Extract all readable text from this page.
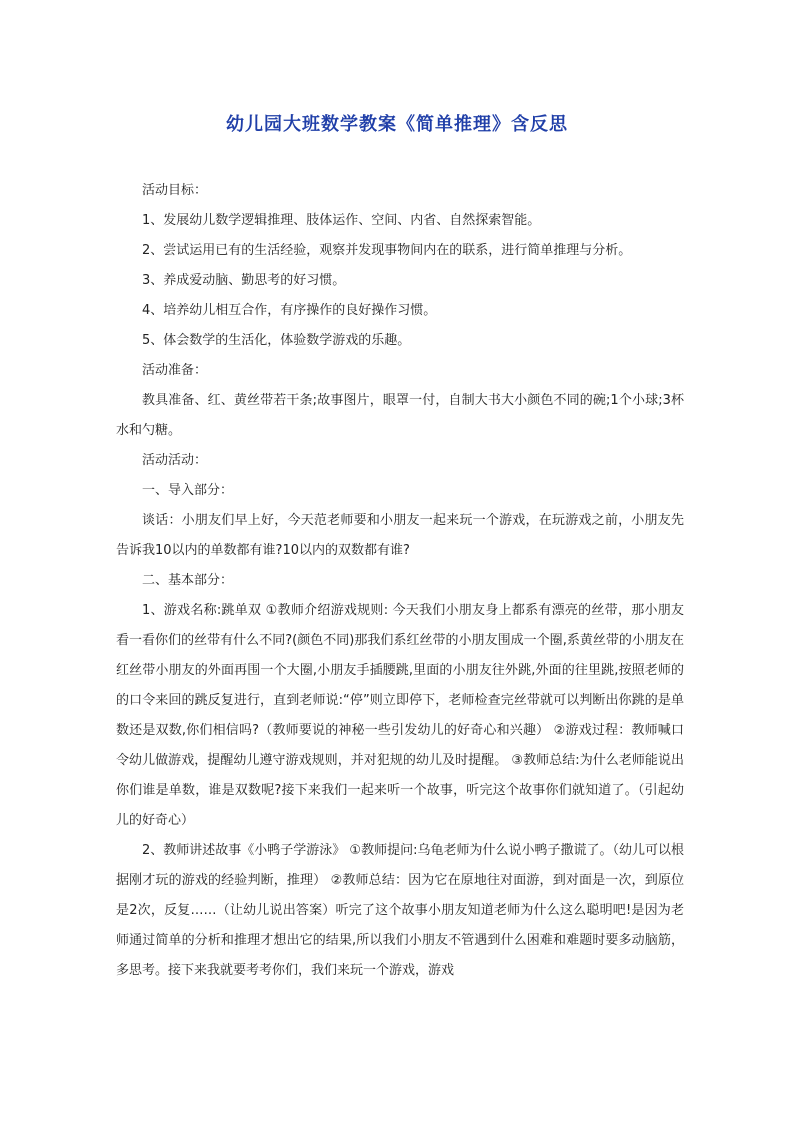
幼儿园大班数学教案《简单推理》含反思

活动目标：

1、发展幼儿数学逻辑推理、肢体运作、空间、内省、自然探索智能。

2、尝试运用已有的生活经验，观察并发现事物间内在的联系，进行简单推理与分析。

3、养成爱动脑、勤思考的好习惯。

4、培养幼儿相互合作，有序操作的良好操作习惯。

5、体会数学的生活化，体验数学游戏的乐趣。

活动准备：

教具准备、红、黄丝带若干条;故事图片，眼罩一付，自制大书大小颜色不同的碗;1个小球;3杯水和勺糖。

活动活动：

一、导入部分：

谈话：小朋友们早上好，今天范老师要和小朋友一起来玩一个游戏，在玩游戏之前，小朋友先告诉我10以内的单数都有谁?10以内的双数都有谁?

二、基本部分：

1、游戏名称:跳单双 ①教师介绍游戏规则: 今天我们小朋友身上都系有漂亮的丝带，那小朋友看一看你们的丝带有什么不同?(颜色不同)那我们系红丝带的小朋友围成一个圈,系黄丝带的小朋友在红丝带小朋友的外面再围一个大圈,小朋友手插腰跳,里面的小朋友往外跳,外面的往里跳,按照老师的的口令来回的跳反复进行，直到老师说:“停”则立即停下，老师检查完丝带就可以判断出你跳的是单数还是双数,你们相信吗?（教师要说的神秘一些引发幼儿的好奇心和兴趣） ②游戏过程：教师喊口令幼儿做游戏，提醒幼儿遵守游戏规则，并对犯规的幼儿及时提醒。 ③教师总结:为什么老师能说出你们谁是单数，谁是双数呢?接下来我们一起来听一个故事，听完这个故事你们就知道了。（引起幼儿的好奇心）

2、教师讲述故事《小鸭子学游泳》 ①教师提问:乌龟老师为什么说小鸭子撒谎了。（幼儿可以根据刚才玩的游戏的经验判断，推理） ②教师总结：因为它在原地往对面游，到对面是一次，到原位是2次，反复……（让幼儿说出答案）听完了这个故事小朋友知道老师为什么这么聪明吧!是因为老师通过简单的分析和推理才想出它的结果,所以我们小朋友不管遇到什么困难和难题时要多动脑筋，多思考。接下来我就要考考你们，我们来玩一个游戏，游戏
